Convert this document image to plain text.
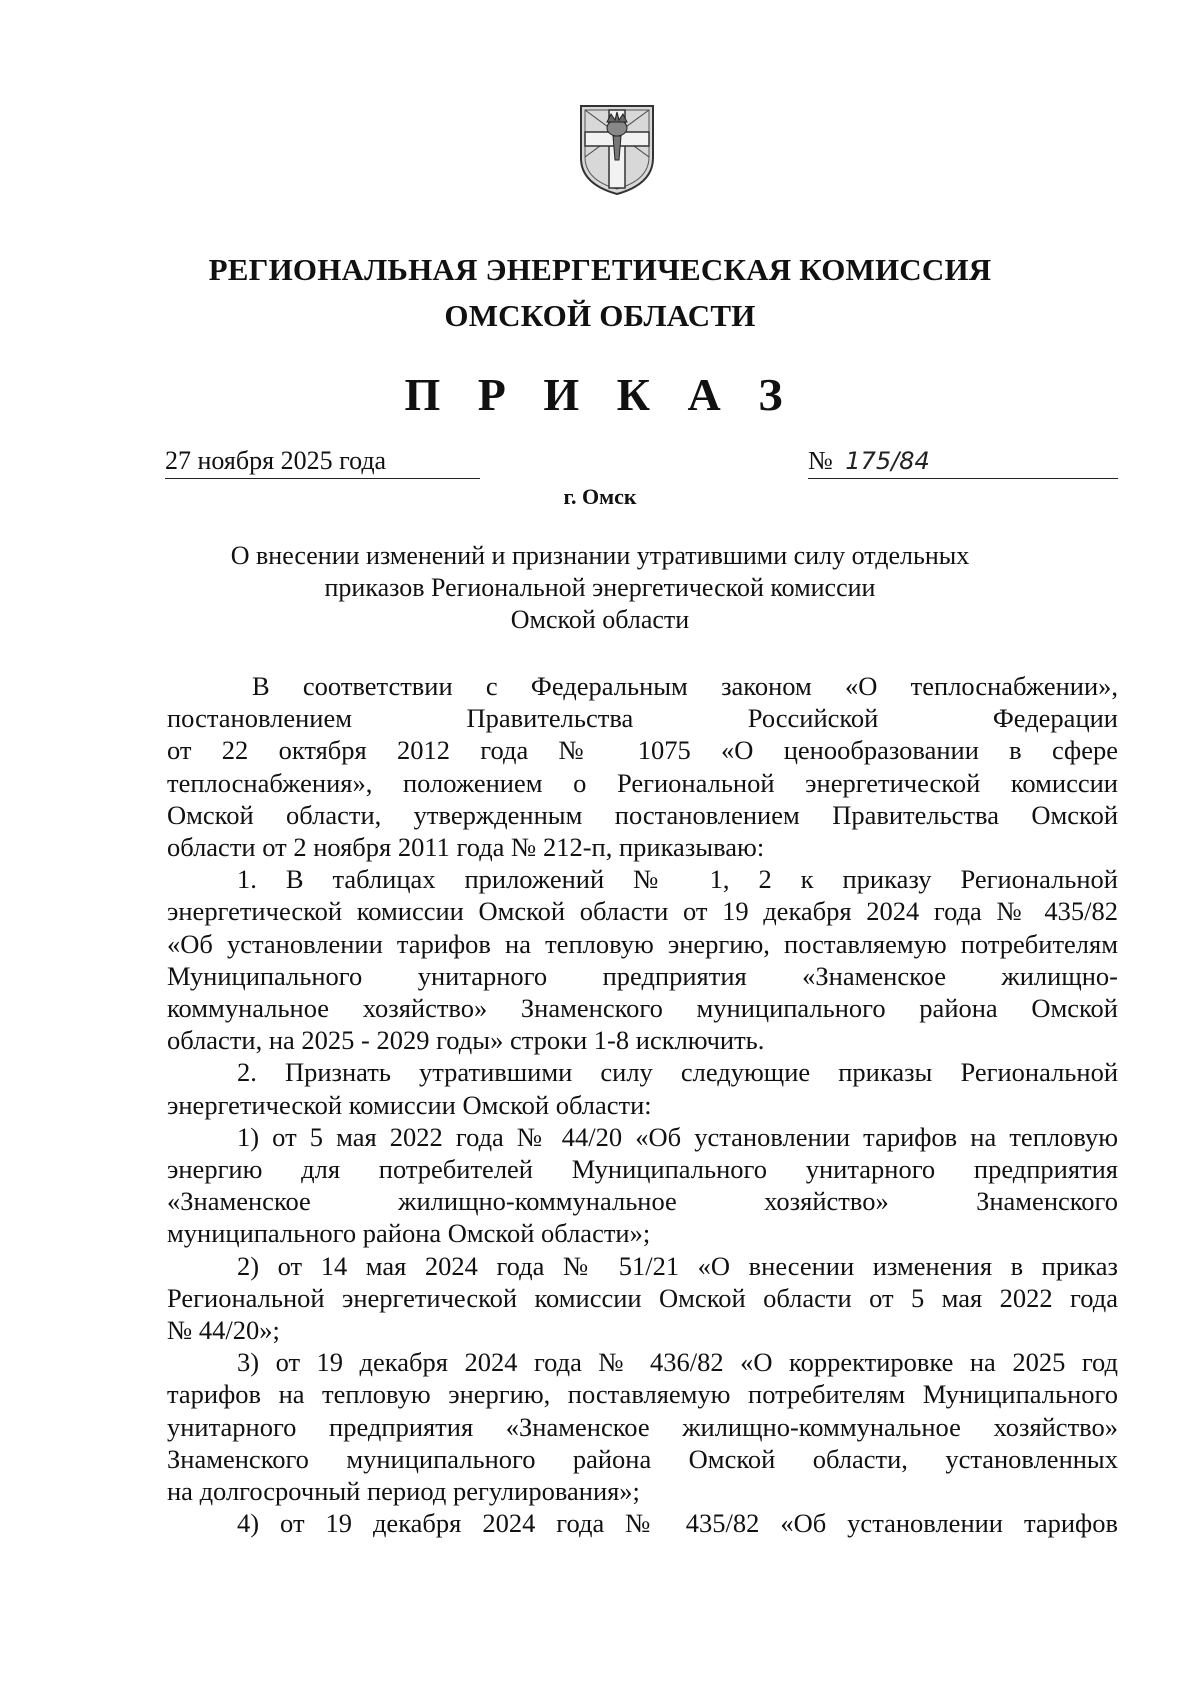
РЕГИОНАЛЬНАЯ ЭНЕРГЕТИЧЕСКАЯ КОМИССИЯ
ОМСКОЙ ОБЛАСТИ
П Р И К А З
27 ноября 2025 года	№ 175/84
г. Омск
О внесении изменений и признании утратившими силу отдельных
приказов Региональной энергетической комиссии
Омской области
В соответствии с Федеральным законом «О теплоснабжении»,
постановлением Правительства Российской Федерации
от 22 октября 2012 года № 1075 «О ценообразовании в сфере
теплоснабжения», положением о Региональной энергетической комиссии
Омской области, утвержденным постановлением Правительства Омской
области от 2 ноября 2011 года № 212-п, приказываю:
1. В таблицах приложений № 1, 2 к приказу Региональной
энергетической комиссии Омской области от 19 декабря 2024 года № 435/82
«Об установлении тарифов на тепловую энергию, поставляемую потребителям
Муниципального унитарного предприятия «Знаменское жилищно-
коммунальное хозяйство» Знаменского муниципального района Омской
области, на 2025 - 2029 годы» строки 1-8 исключить.
2. Признать утратившими силу следующие приказы Региональной
энергетической комиссии Омской области:
1) от 5 мая 2022 года № 44/20 «Об установлении тарифов на тепловую
энергию для потребителей Муниципального унитарного предприятия
«Знаменское жилищно-коммунальное хозяйство» Знаменского
муниципального района Омской области»;
2) от 14 мая 2024 года № 51/21 «О внесении изменения в приказ
Региональной энергетической комиссии Омской области от 5 мая 2022 года
№ 44/20»;
3) от 19 декабря 2024 года № 436/82 «О корректировке на 2025 год
тарифов на тепловую энергию, поставляемую потребителям Муниципального
унитарного предприятия «Знаменское жилищно-коммунальное хозяйство»
Знаменского муниципального района Омской области, установленных
на долгосрочный период регулирования»;
4) от 19 декабря 2024 года № 435/82 «Об установлении тарифов
